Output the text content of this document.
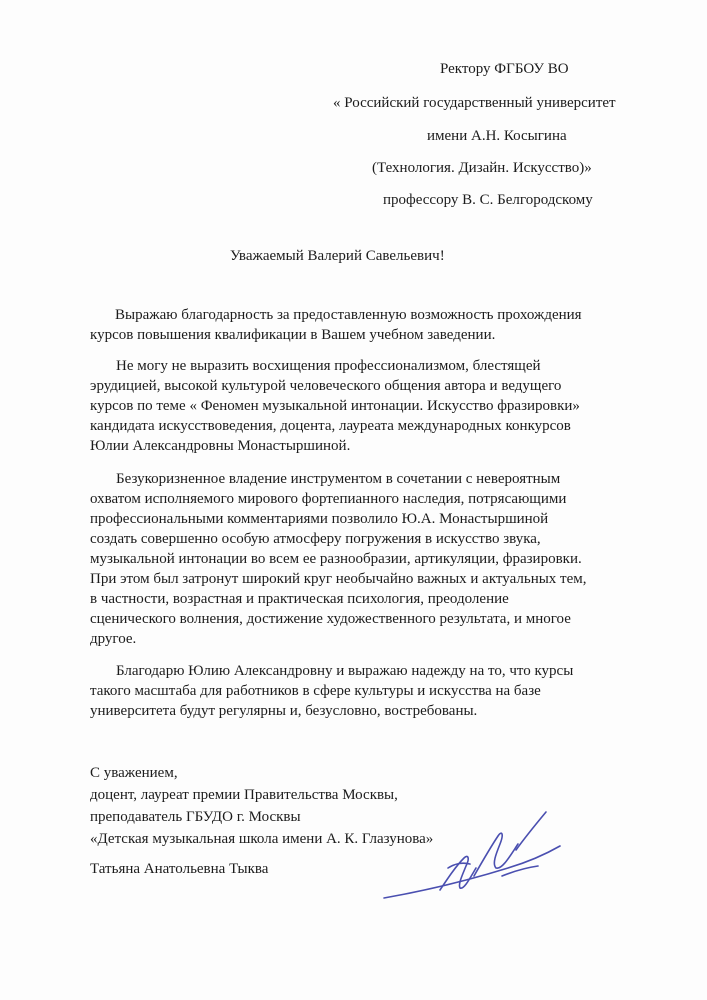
Ректору ФГБОУ ВО
« Российский государственный университет
имени А.Н. Косыгина
(Технология. Дизайн. Искусство)»
профессору В. С. Белгородскому
Уважаемый Валерий Савельевич!
Выражаю благодарность за предоставленную возможность прохождения
курсов повышения квалификации в Вашем учебном заведении.
Не могу не выразить восхищения профессионализмом, блестящей
эрудицией, высокой культурой человеческого общения автора и ведущего
курсов по теме « Феномен музыкальной интонации. Искусство фразировки»
кандидата искусствоведения, доцента, лауреата международных конкурсов
Юлии Александровны Монастыршиной.
Безукоризненное владение инструментом в сочетании с невероятным
охватом исполняемого мирового фортепианного наследия, потрясающими
профессиональными комментариями позволило Ю.А. Монастыршиной
создать совершенно особую атмосферу погружения в искусство звука,
музыкальной интонации во всем ее разнообразии, артикуляции, фразировки.
При этом был затронут широкий круг необычайно важных и актуальных тем,
в частности, возрастная и практическая психология, преодоление
сценического волнения, достижение художественного результата, и многое
другое.
Благодарю Юлию Александровну и выражаю надежду на то, что курсы
такого масштаба для работников в сфере культуры и искусства на базе
университета будут регулярны и, безусловно, востребованы.
С уважением,
доцент, лауреат премии Правительства Москвы,
преподаватель ГБУДО г. Москвы
«Детская музыкальная школа имени А. К. Глазунова»
Татьяна Анатольевна Тыква
